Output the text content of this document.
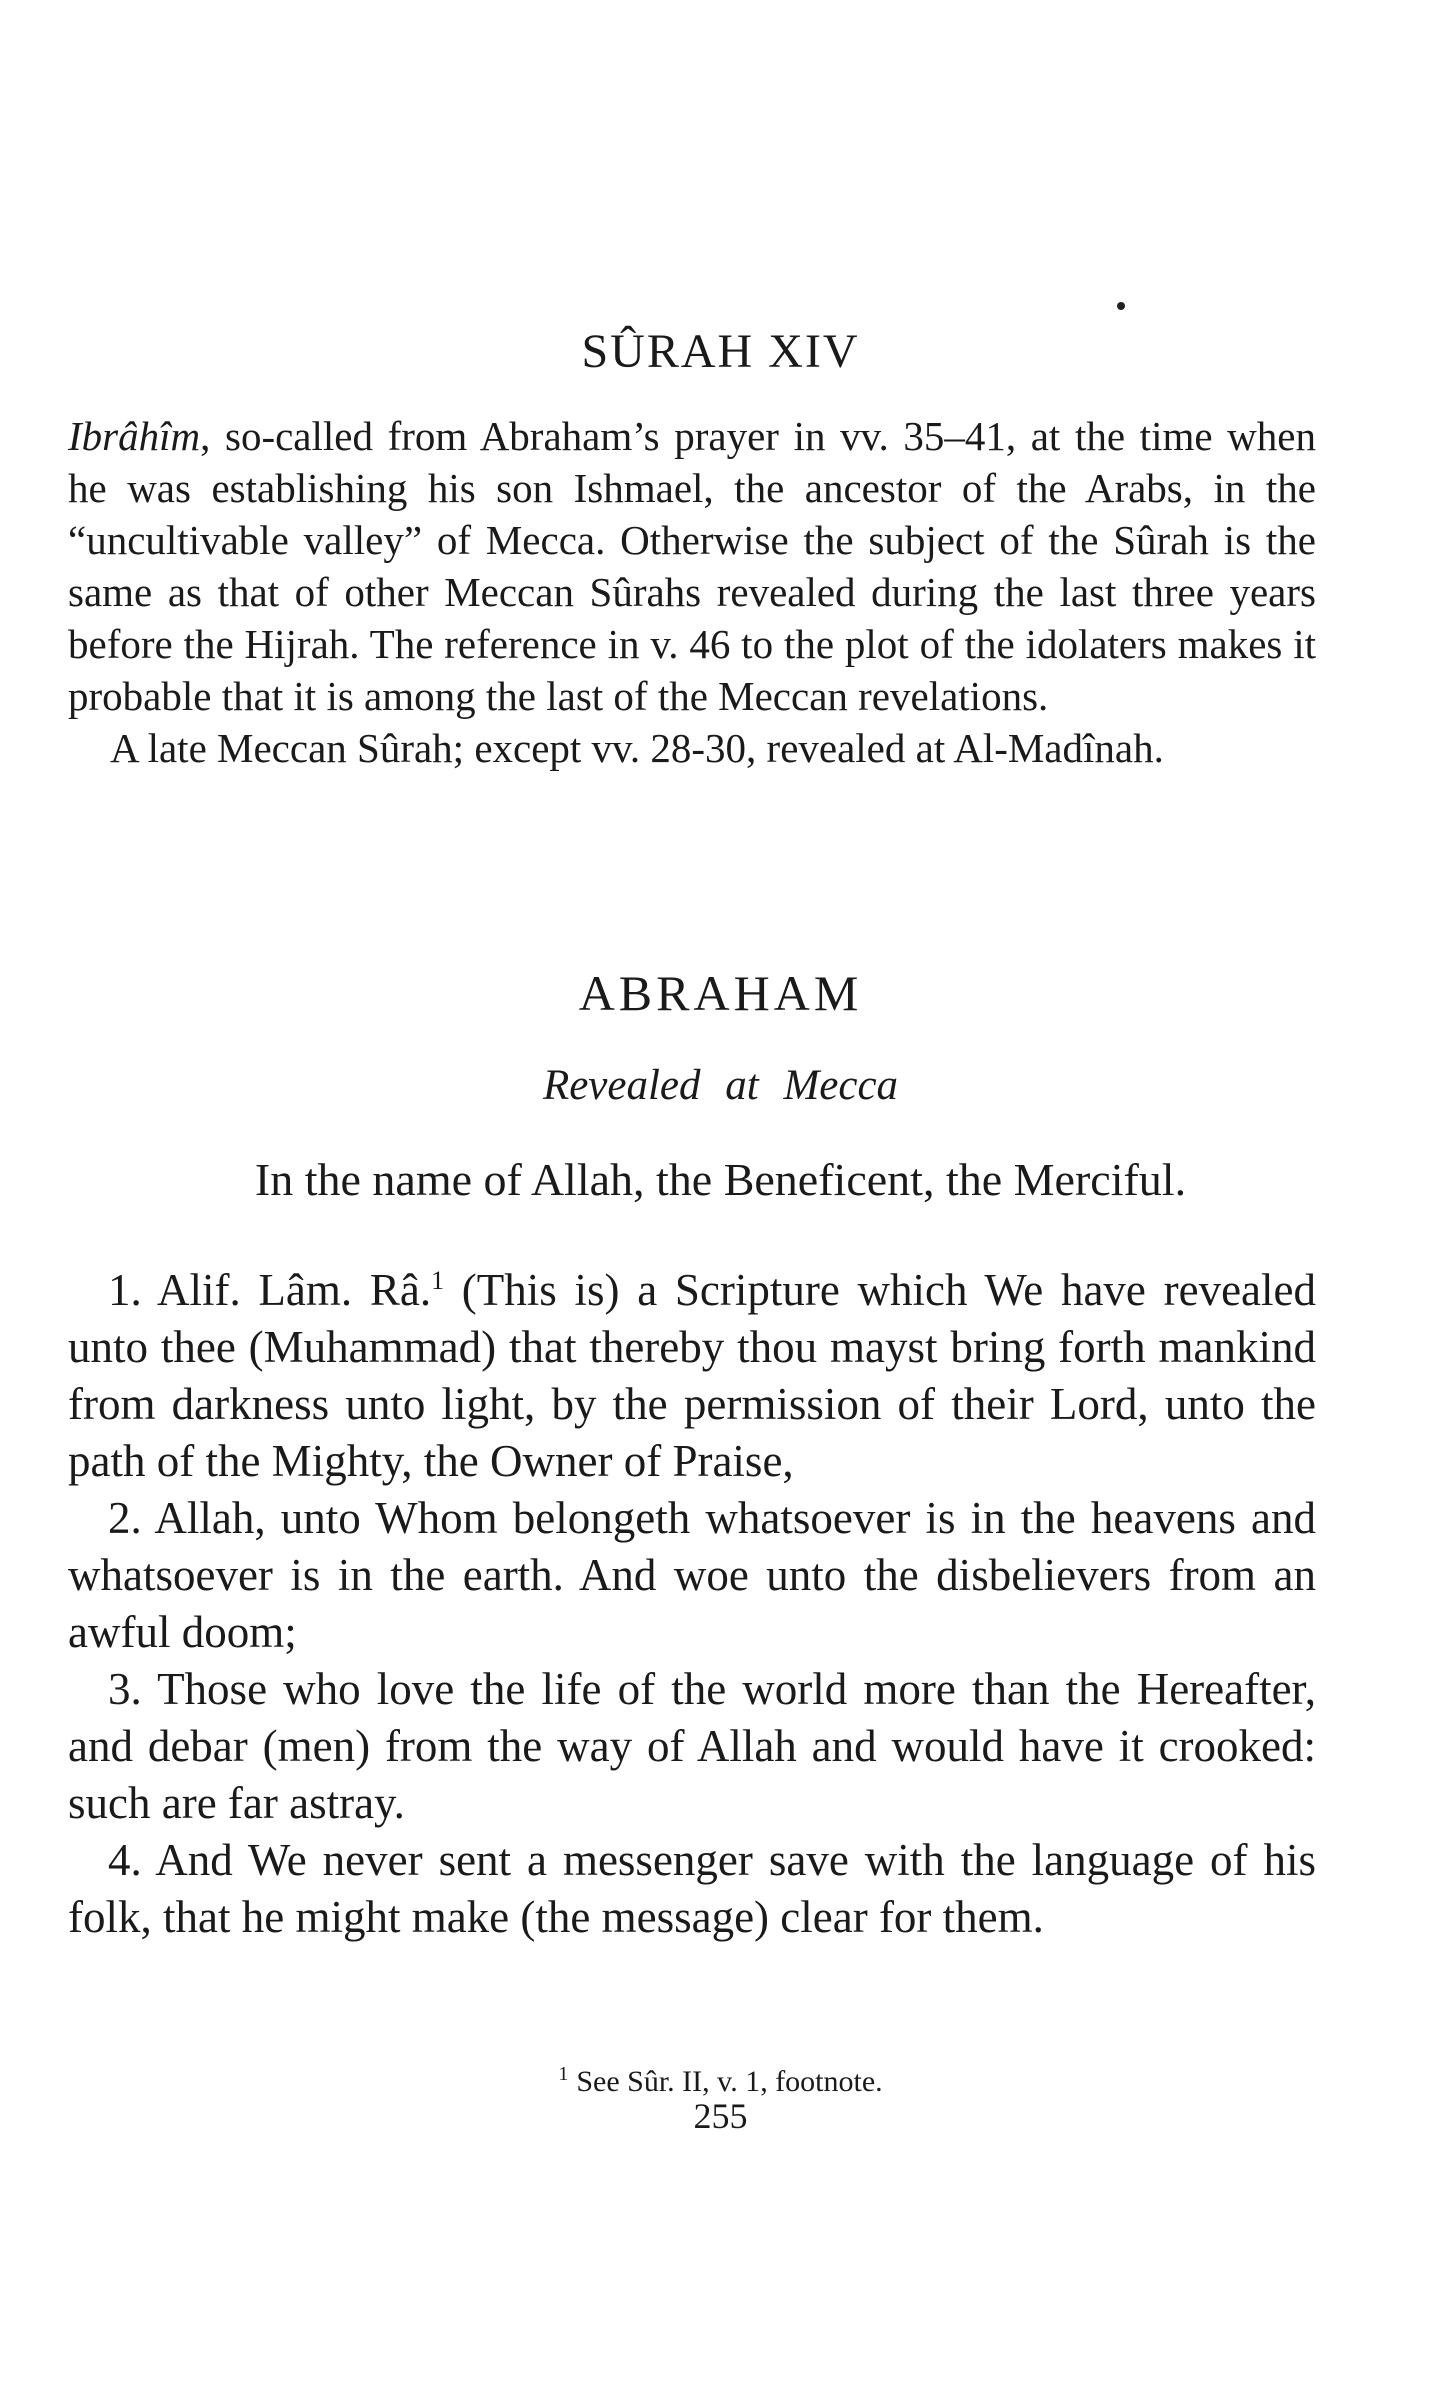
SÛRAH XIV

Ibrâhîm, so-called from Abraham’s prayer in vv. 35–41, at the time when he was establishing his son Ishmael, the ancestor of the Arabs, in the “uncultivable valley” of Mecca. Otherwise the subject of the Sûrah is the same as that of other Meccan Sûrahs revealed during the last three years before the Hijrah. The reference in v. 46 to the plot of the idolaters makes it probable that it is among the last of the Meccan revelations.

A late Meccan Sûrah; except vv. 28-30, revealed at Al-Madînah.

ABRAHAM
Revealed at Mecca
In the name of Allah, the Beneficent, the Merciful.

1. Alif. Lâm. Râ.$^1$ (This is) a Scripture which We have revealed unto thee (Muhammad) that thereby thou mayst bring forth mankind from darkness unto light, by the permission of their Lord, unto the path of the Mighty, the Owner of Praise,

2. Allah, unto Whom belongeth whatsoever is in the heavens and whatsoever is in the earth. And woe unto the disbelievers from an awful doom;

3. Those who love the life of the world more than the Hereafter, and debar (men) from the way of Allah and would have it crooked: such are far astray.

4. And We never sent a messenger save with the language of his folk, that he might make (the message) clear for them.

$^1$ See Sûr. II, v. 1, footnote.
255
